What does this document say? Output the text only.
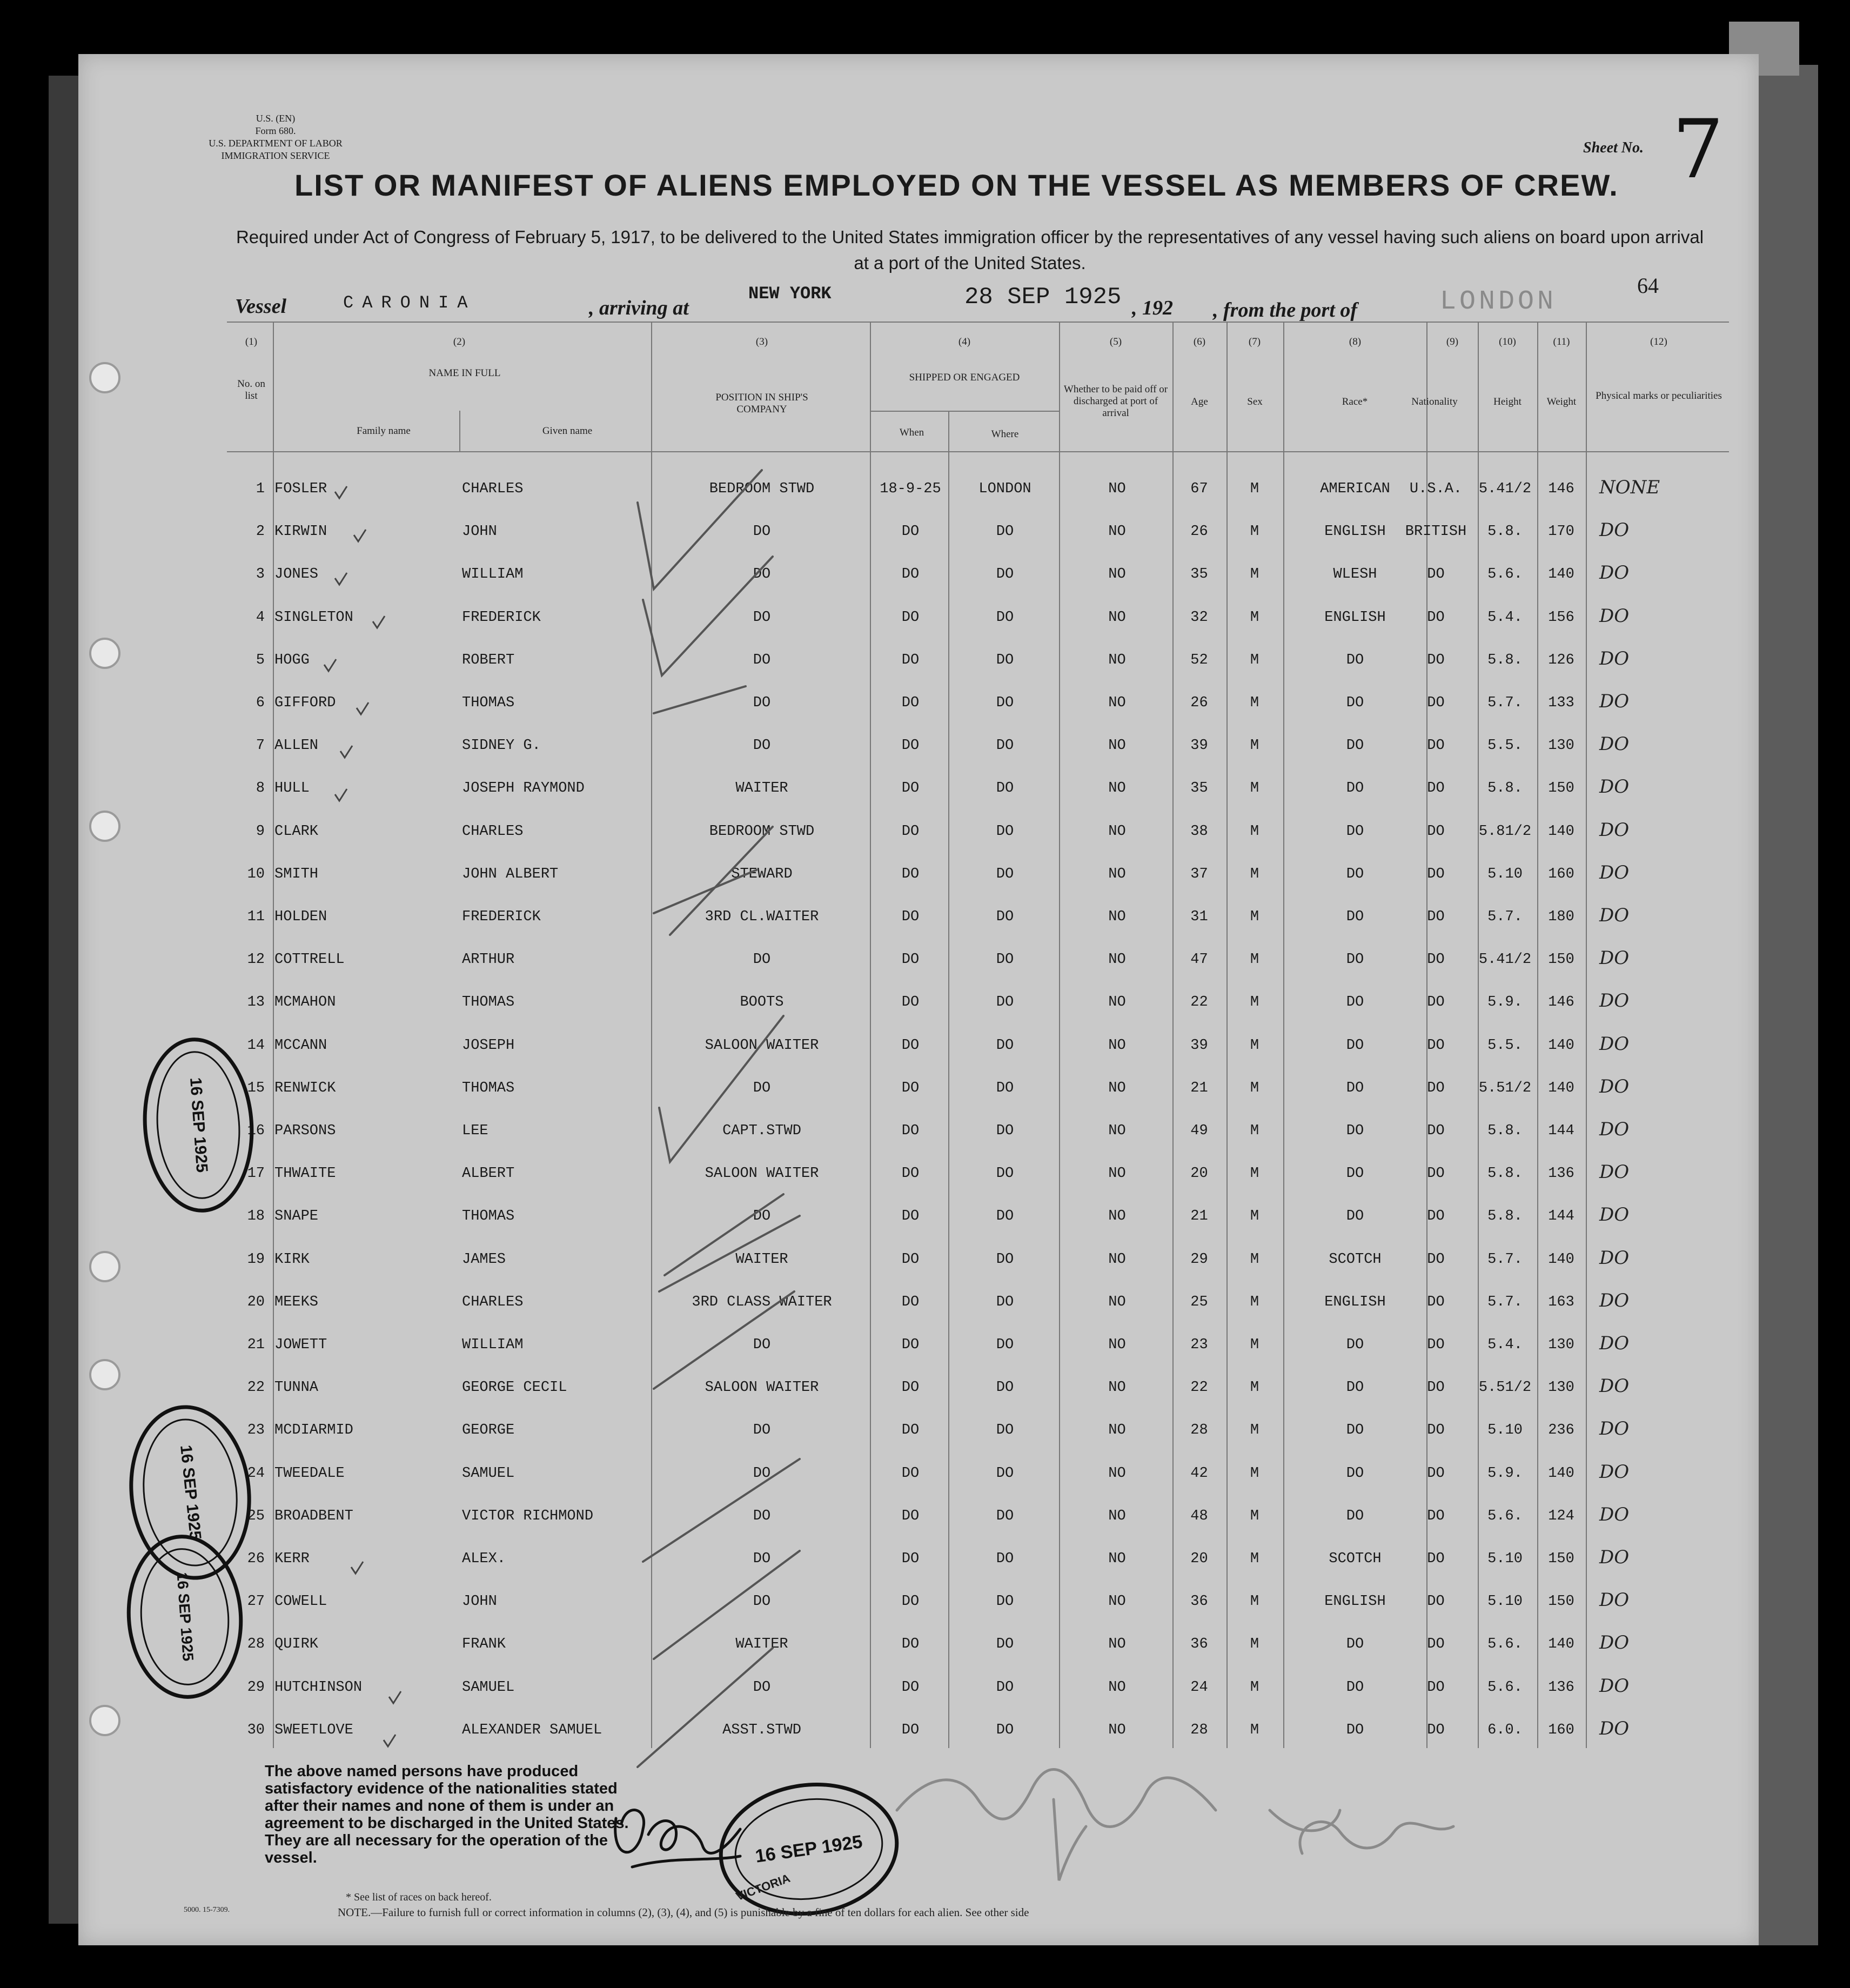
U.S. (EN)
Form 680.
U.S. DEPARTMENT OF LABOR
IMMIGRATION SERVICE	Sheet No. 7
LIST OR MANIFEST OF ALIENS EMPLOYED ON THE VESSEL AS MEMBERS OF CREW.
Required under Act of Congress of February 5, 1917, to be delivered to the United States immigration officer by the representatives of any vessel having such aliens on board upon arrival at a port of the United States.
Vessel	CARONIA	, arriving at
NEW YORK	28 SEP 1925 , 192 , from the port of	LONDON
64
(1)	(2)	(3)	(4)	(5)	(6)	(7)	(8)	(9)	(10)	(11)	(12)
No. on list
NAME IN FULL
Family name	Given name
POSITION IN SHIP'S COMPANY
SHIPPED OR ENGAGED
When	Where
Whether to be paid off or discharged at port of arrival
Age	Sex	Race*	Nationality	Height	Weight
Physical marks or peculiarities
1 FOSLER	CHARLES	BEDROOM STWD	18-9-25	LONDON	NO	67	M	AMERICAN	U.S.A.	5.41/2	146	NONE
2 KIRWIN	JOHN	DO	DO	DO	NO	26	M	ENGLISH	BRITISH	5.8.	170	DO
3 JONES	WILLIAM	DO	DO	DO	NO	35	M	WLESH	DO	5.6.	140	DO
4 SINGLETON	FREDERICK	DO	DO	DO	NO	32	M	ENGLISH	DO	5.4.	156	DO
5 HOGG	ROBERT	DO	DO	DO	NO	52	M	DO	DO	5.8.	126	DO
6 GIFFORD	THOMAS	DO	DO	DO	NO	26	M	DO	DO	5.7.	133	DO
7 ALLEN	SIDNEY G.	DO	DO	DO	NO	39	M	DO	DO	5.5.	130	DO
8 HULL	JOSEPH RAYMOND	WAITER	DO	DO	NO	35	M	DO	DO	5.8.	150	DO
9 CLARK	CHARLES	BEDROOM STWD	DO	DO	NO	38	M	DO	DO	5.81/2	140	DO
10 SMITH	JOHN ALBERT	STEWARD	DO	DO	NO	37	M	DO	DO	5.10	160	DO
11 HOLDEN	FREDERICK	3RD CL.WAITER	DO	DO	NO	31	M	DO	DO	5.7.	180	DO
12 COTTRELL	ARTHUR	DO	DO	DO	NO	47	M	DO	DO	5.41/2	150	DO
13 MCMAHON	THOMAS	BOOTS	DO	DO	NO	22	M	DO	DO	5.9.	146	DO
14 MCCANN	JOSEPH	SALOON WAITER	DO	DO	NO	39	M	DO	DO	5.5.	140	DO
15 RENWICK	THOMAS	DO	DO	DO	NO	21	M	DO	DO	5.51/2	140	DO
16 PARSONS	LEE	CAPT.STWD	DO	DO	NO	49	M	DO	DO	5.8.	144	DO
17 THWAITE	ALBERT	SALOON WAITER	DO	DO	NO	20	M	DO	DO	5.8.	136	DO
18 SNAPE	THOMAS	DO	DO	DO	NO	21	M	DO	DO	5.8.	144	DO
19 KIRK	JAMES	WAITER	DO	DO	NO	29	M	SCOTCH	DO	5.7.	140	DO
20 MEEKS	CHARLES	3RD CLASS WAITER	DO	DO	NO	25	M	ENGLISH	DO	5.7.	163	DO
21 JOWETT	WILLIAM	DO	DO	DO	NO	23	M	DO	DO	5.4.	130	DO
22 TUNNA	GEORGE CECIL	SALOON WAITER	DO	DO	NO	22	M	DO	DO	5.51/2	130	DO
23 MCDIARMID	GEORGE	DO	DO	DO	NO	28	M	DO	DO	5.10	236	DO
24 TWEEDALE	SAMUEL	DO	DO	DO	NO	42	M	DO	DO	5.9.	140	DO
25 BROADBENT	VICTOR RICHMOND	DO	DO	DO	NO	48	M	DO	DO	5.6.	124	DO
26 KERR	ALEX.	DO	DO	DO	NO	20	M	SCOTCH	DO	5.10	150	DO
27 COWELL	JOHN	DO	DO	DO	NO	36	M	ENGLISH	DO	5.10	150	DO
28 QUIRK	FRANK	WAITER	DO	DO	NO	36	M	DO	DO	5.6.	140	DO
29 HUTCHINSON	SAMUEL	DO	DO	DO	NO	24	M	DO	DO	5.6.	136	DO
30 SWEETLOVE	ALEXANDER SAMUEL	ASST.STWD	DO	DO	NO	28	M	DO	DO	6.0.	160	DO
The above named persons have produced satisfactory evidence of the nationalities stated after their names and none of them is under an agreement to be discharged in the United States. They are all necessary for the operation of the vessel.	16 SEP 1925
VICTORIA
16 SEP 1925
16 SEP 1925
16 SEP 1925
* See list of races on back hereof.
NOTE.—Failure to furnish full or correct information in columns (2), (3), (4), and (5) is punishable by a fine of ten dollars for each alien. See other side
5000. 15-7309.
